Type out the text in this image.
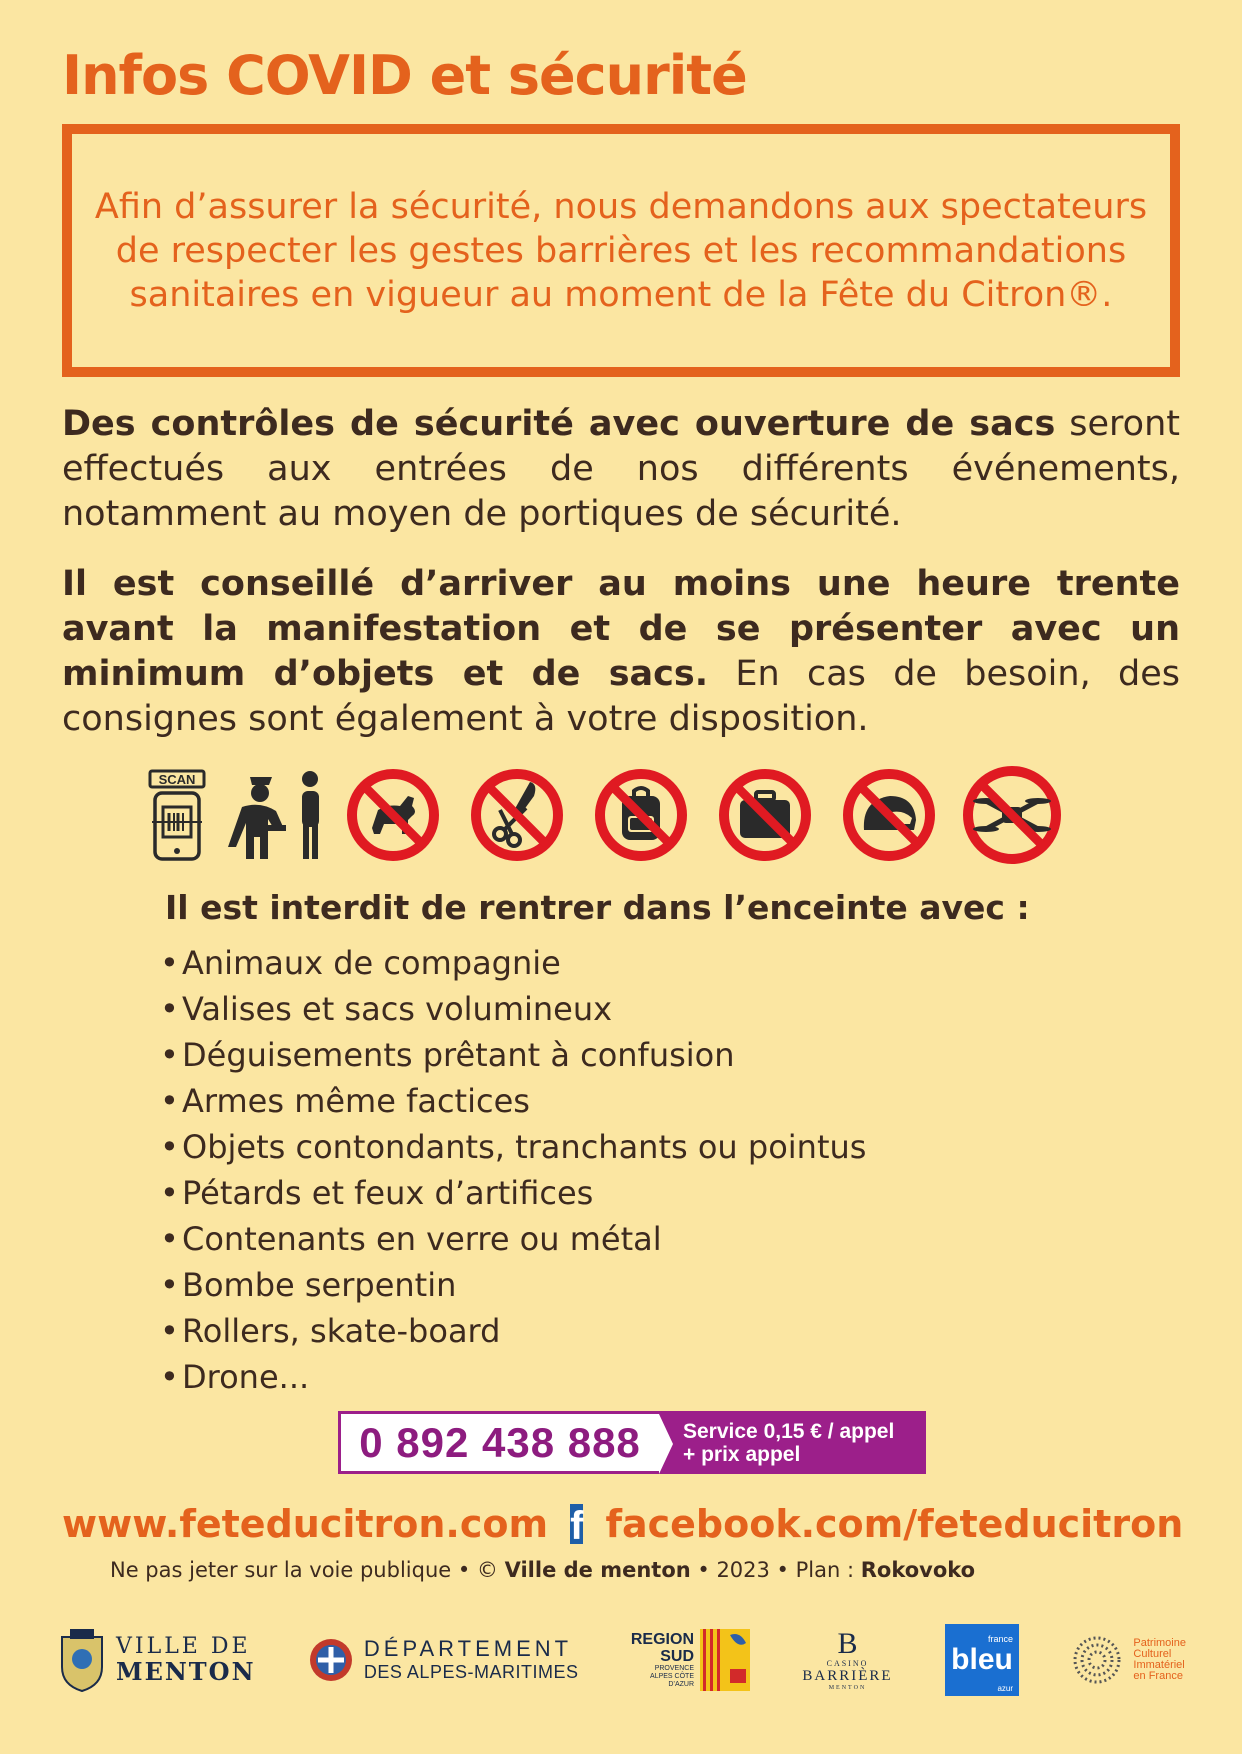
Infos COVID et sécurité

Afin d’assurer la sécurité, nous demandons aux spectateurs de respecter les gestes barrières et les recommandations sanitaires en vigueur au moment de la Fête du Citron®.

Des contrôles de sécurité avec ouverture de sacs seront effectués aux entrées de nos différents événements, notamment au moyen de portiques de sécurité.

Il est conseillé d’arriver au moins une heure trente avant la manifestation et de se présenter avec un minimum d’objets et de sacs. En cas de besoin, des consignes sont également à votre disposition.

SCAN
Il est interdit de rentrer dans l’enceinte avec :
•Animaux de compagnie
•Valises et sacs volumineux
•Déguisements prêtant à confusion
•Armes même factices
•Objets contondants, tranchants ou pointus
•Pétards et feux d’artifices
•Contenants en verre ou métal
•Bombe serpentin
•Rollers, skate-board
•Drone...
0 892 438 888	Service 0,15 € / appel
+ prix appel
www.feteducitron.com f facebook.com/feteducitron

Ne pas jeter sur la voie publique • © Ville de menton • 2023 • Plan : Rokovoko

VILLE DE
MENTON
DÉPARTEMENT
DES ALPES-MARITIMES
REGION
SUD
PROVENCE ALPES CÔTE D’AZUR
B
CASINO
BARRIÈRE
MENTON
france
bleu
azur
Patrimoine
Culturel
Immatériel
en France
